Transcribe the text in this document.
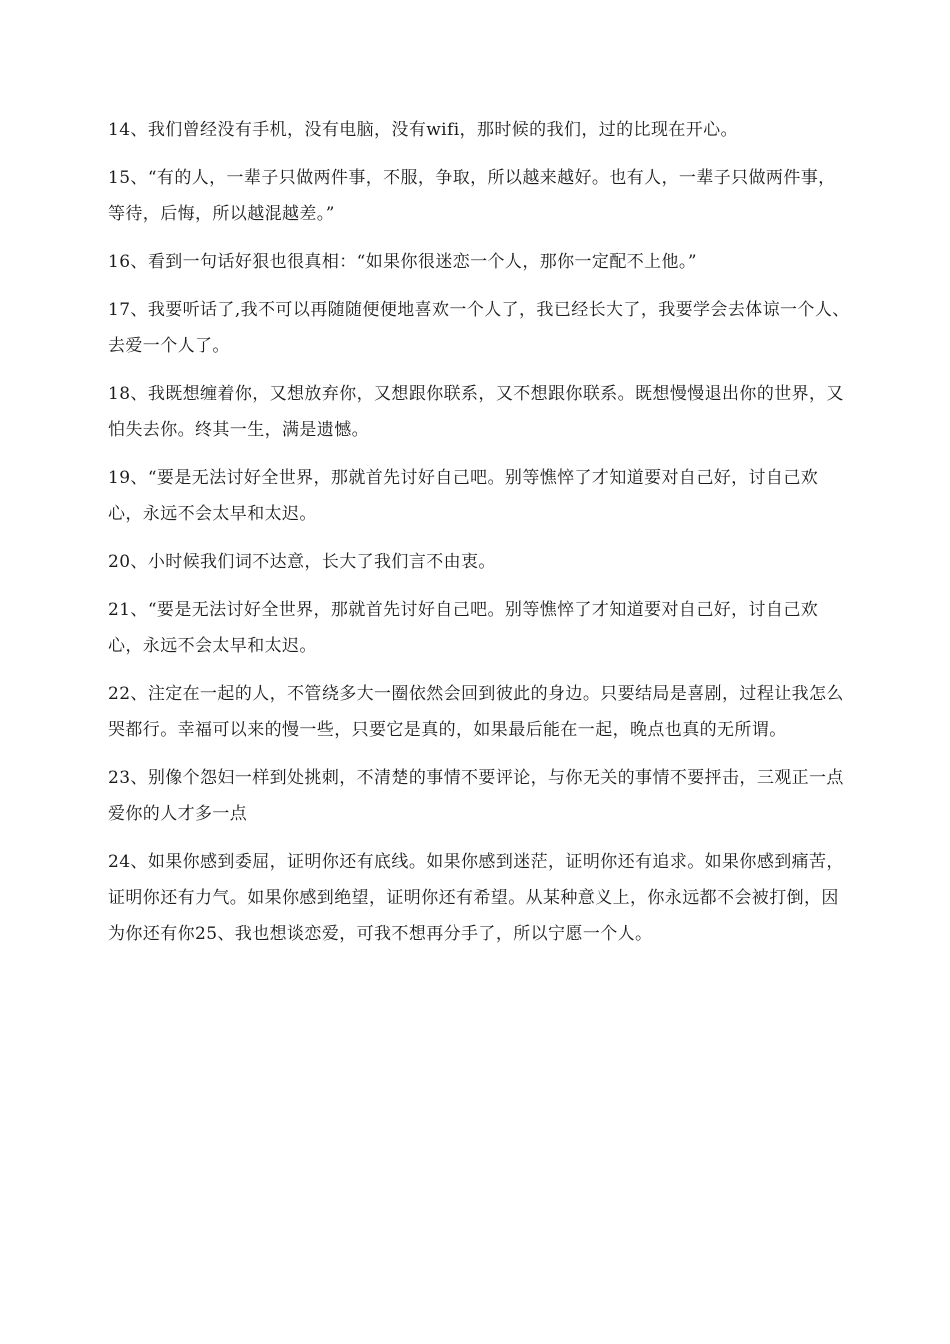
14、我们曾经没有手机，没有电脑，没有wifi，那时候的我们，过的比现在开心。

15、“有的人，一辈子只做两件事，不服，争取，所以越来越好。也有人，一辈子只做两件事，等待，后悔，所以越混越差。”

16、看到一句话好狠也很真相：“如果你很迷恋一个人，那你一定配不上他。”

17、我要听话了,我不可以再随随便便地喜欢一个人了，我已经长大了，我要学会去体谅一个人、去爱一个人了。

18、我既想缠着你，又想放弃你，又想跟你联系，又不想跟你联系。既想慢慢退出你的世界，又怕失去你。终其一生，满是遗憾。

19、“要是无法讨好全世界，那就首先讨好自己吧。别等憔悴了才知道要对自己好，讨自己欢心，永远不会太早和太迟。

20、小时候我们词不达意，长大了我们言不由衷。

21、“要是无法讨好全世界，那就首先讨好自己吧。别等憔悴了才知道要对自己好，讨自己欢心，永远不会太早和太迟。

22、注定在一起的人，不管绕多大一圈依然会回到彼此的身边。只要结局是喜剧，过程让我怎么哭都行。幸福可以来的慢一些，只要它是真的，如果最后能在一起，晚点也真的无所谓。

23、别像个怨妇一样到处挑刺，不清楚的事情不要评论，与你无关的事情不要抨击，三观正一点爱你的人才多一点

24、如果你感到委屈，证明你还有底线。如果你感到迷茫，证明你还有追求。如果你感到痛苦，证明你还有力气。如果你感到绝望，证明你还有希望。从某种意义上，你永远都不会被打倒，因为你还有你25、我也想谈恋爱，可我不想再分手了，所以宁愿一个人。
